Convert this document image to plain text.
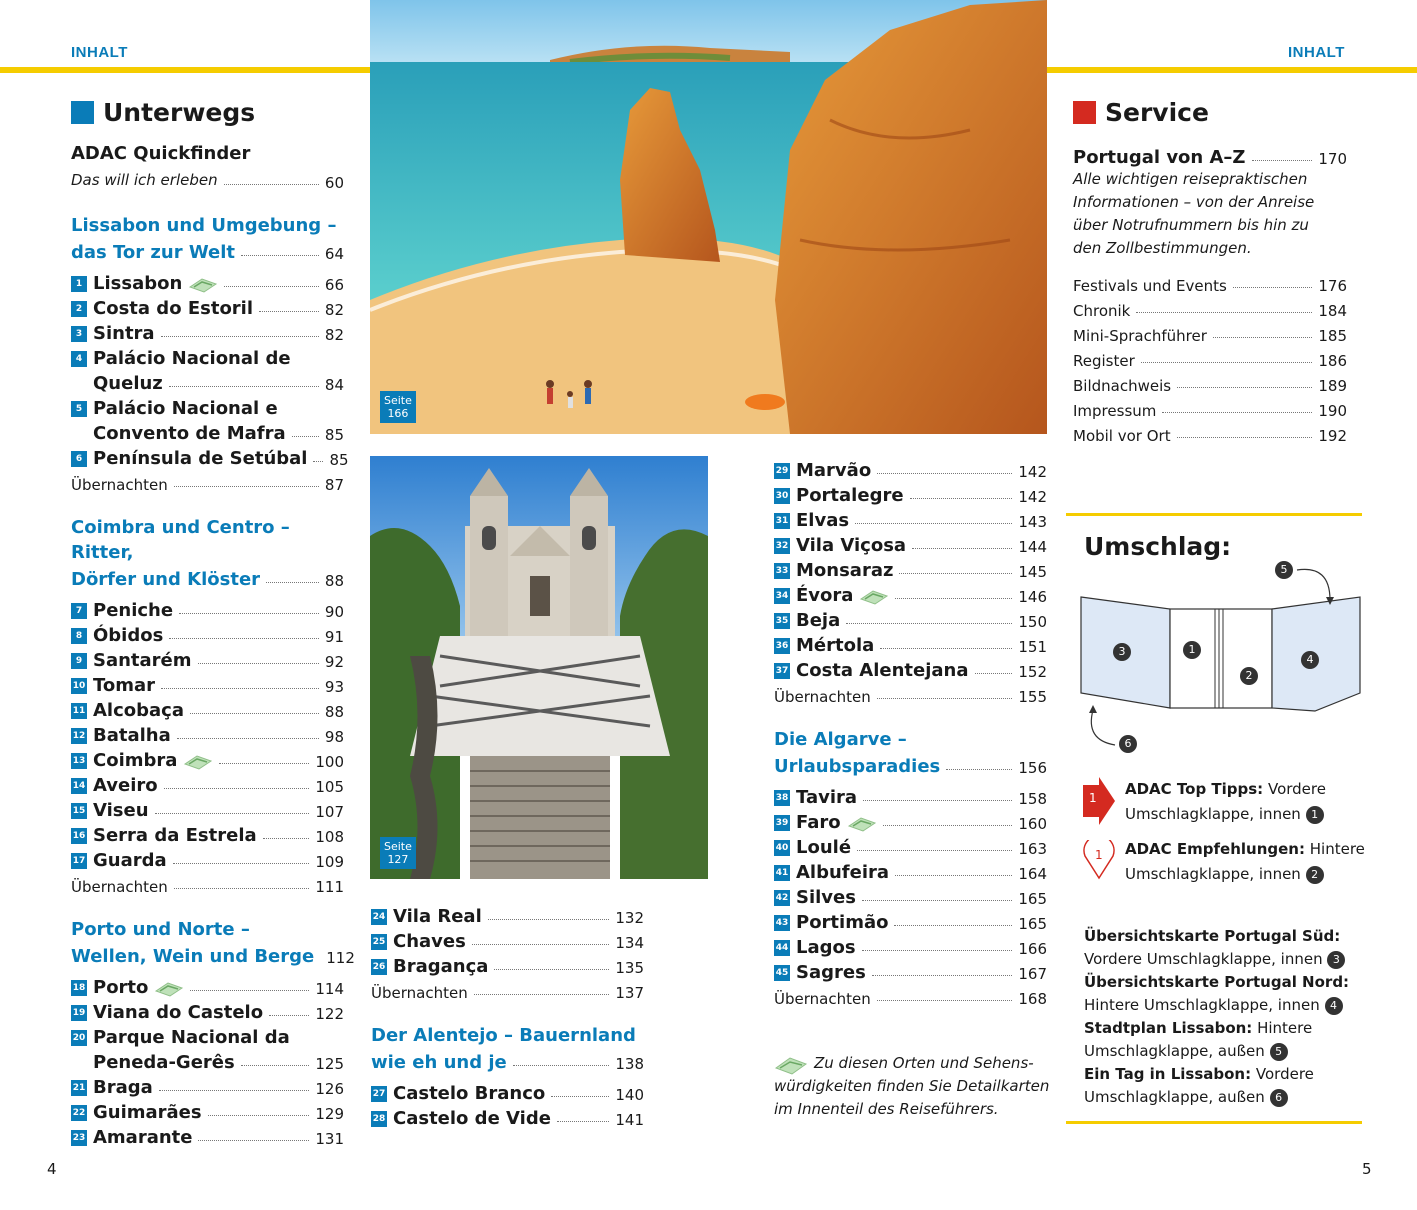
INHALT	INHALT
Unterwegs
ADAC Quickfinder
Das will ich erleben	60
Lissabon und Umgebung –
das Tor zur Welt	64
1 Lissabon	66
2 Costa do Estoril	82
3 Sintra	82
4 Palácio Nacional de
Queluz	84
5 Palácio Nacional e
Convento de Mafra	85
6 Península de Setúbal 85
Übernachten	87
Coimbra und Centro –Ritter,
Dörfer und Klöster	88
7 Peniche	90
8 Óbidos	91
9 Santarém	92
10 Tomar	93
11 Alcobaça	88
12 Batalha	98
13 Coimbra	100
14 Aveiro	105
15 Viseu	107
16 Serra da Estrela	108
17 Guarda	109
Übernachten	111
Porto und Norte –
Wellen, Wein und Berge 112
18 Porto	114
19 Viana do Castelo	122
20 Parque Nacional da
Peneda-Gerês	125
21 Braga	126
22 Guimarães	129
23 Amarante	131
Seite
166
Seite
127
24 Vila Real	132
25 Chaves	134
26 Bragança	135
Übernachten	137
Der Alentejo – Bauernland
wie eh und je	138
27 Castelo Branco	140
28 Castelo de Vide	141
29 Marvão	142
30 Portalegre	142
31 Elvas	143
32 Vila Viçosa	144
33 Monsaraz	145
34 Évora	146
35 Beja	150
36 Mértola	151
37 Costa Alentejana	152
Übernachten	155
Die Algarve –
Urlaubsparadies	156
38 Tavira	158
39 Faro	160
40 Loulé	163
41 Albufeira	164
42 Silves	165
43 Portimão	165
44 Lagos	166
45 Sagres	167
Übernachten	168
Zu diesen Orten und Sehens-
würdigkeiten finden Sie Detailkarten
im Innenteil des Reiseführers.
Service
Portugal von A–Z	170
Alle wichtigen reisepraktischen
Informationen – von der Anreise
über Notrufnummern bis hin zu
den Zollbestimmungen.
Festivals und Events	176
Chronik	184
Mini-Sprachführer	185
Register	186
Bildnachweis	189
Impressum	190
Mobil vor Ort	192
Umschlag:
1
2
3
4
5
6
1 ADAC Top Tipps: Vordere
Umschlagklappe, innen 1
1 ADAC Empfehlungen: Hintere
Umschlagklappe, innen 2
Übersichtskarte Portugal Süd:
Vordere Umschlagklappe, innen 3
Übersichtskarte Portugal Nord:
Hintere Umschlagklappe, innen 4
Stadtplan Lissabon: Hintere
Umschlagklappe, außen 5
Ein Tag in Lissabon: Vordere
Umschlagklappe, außen 6
4	5
